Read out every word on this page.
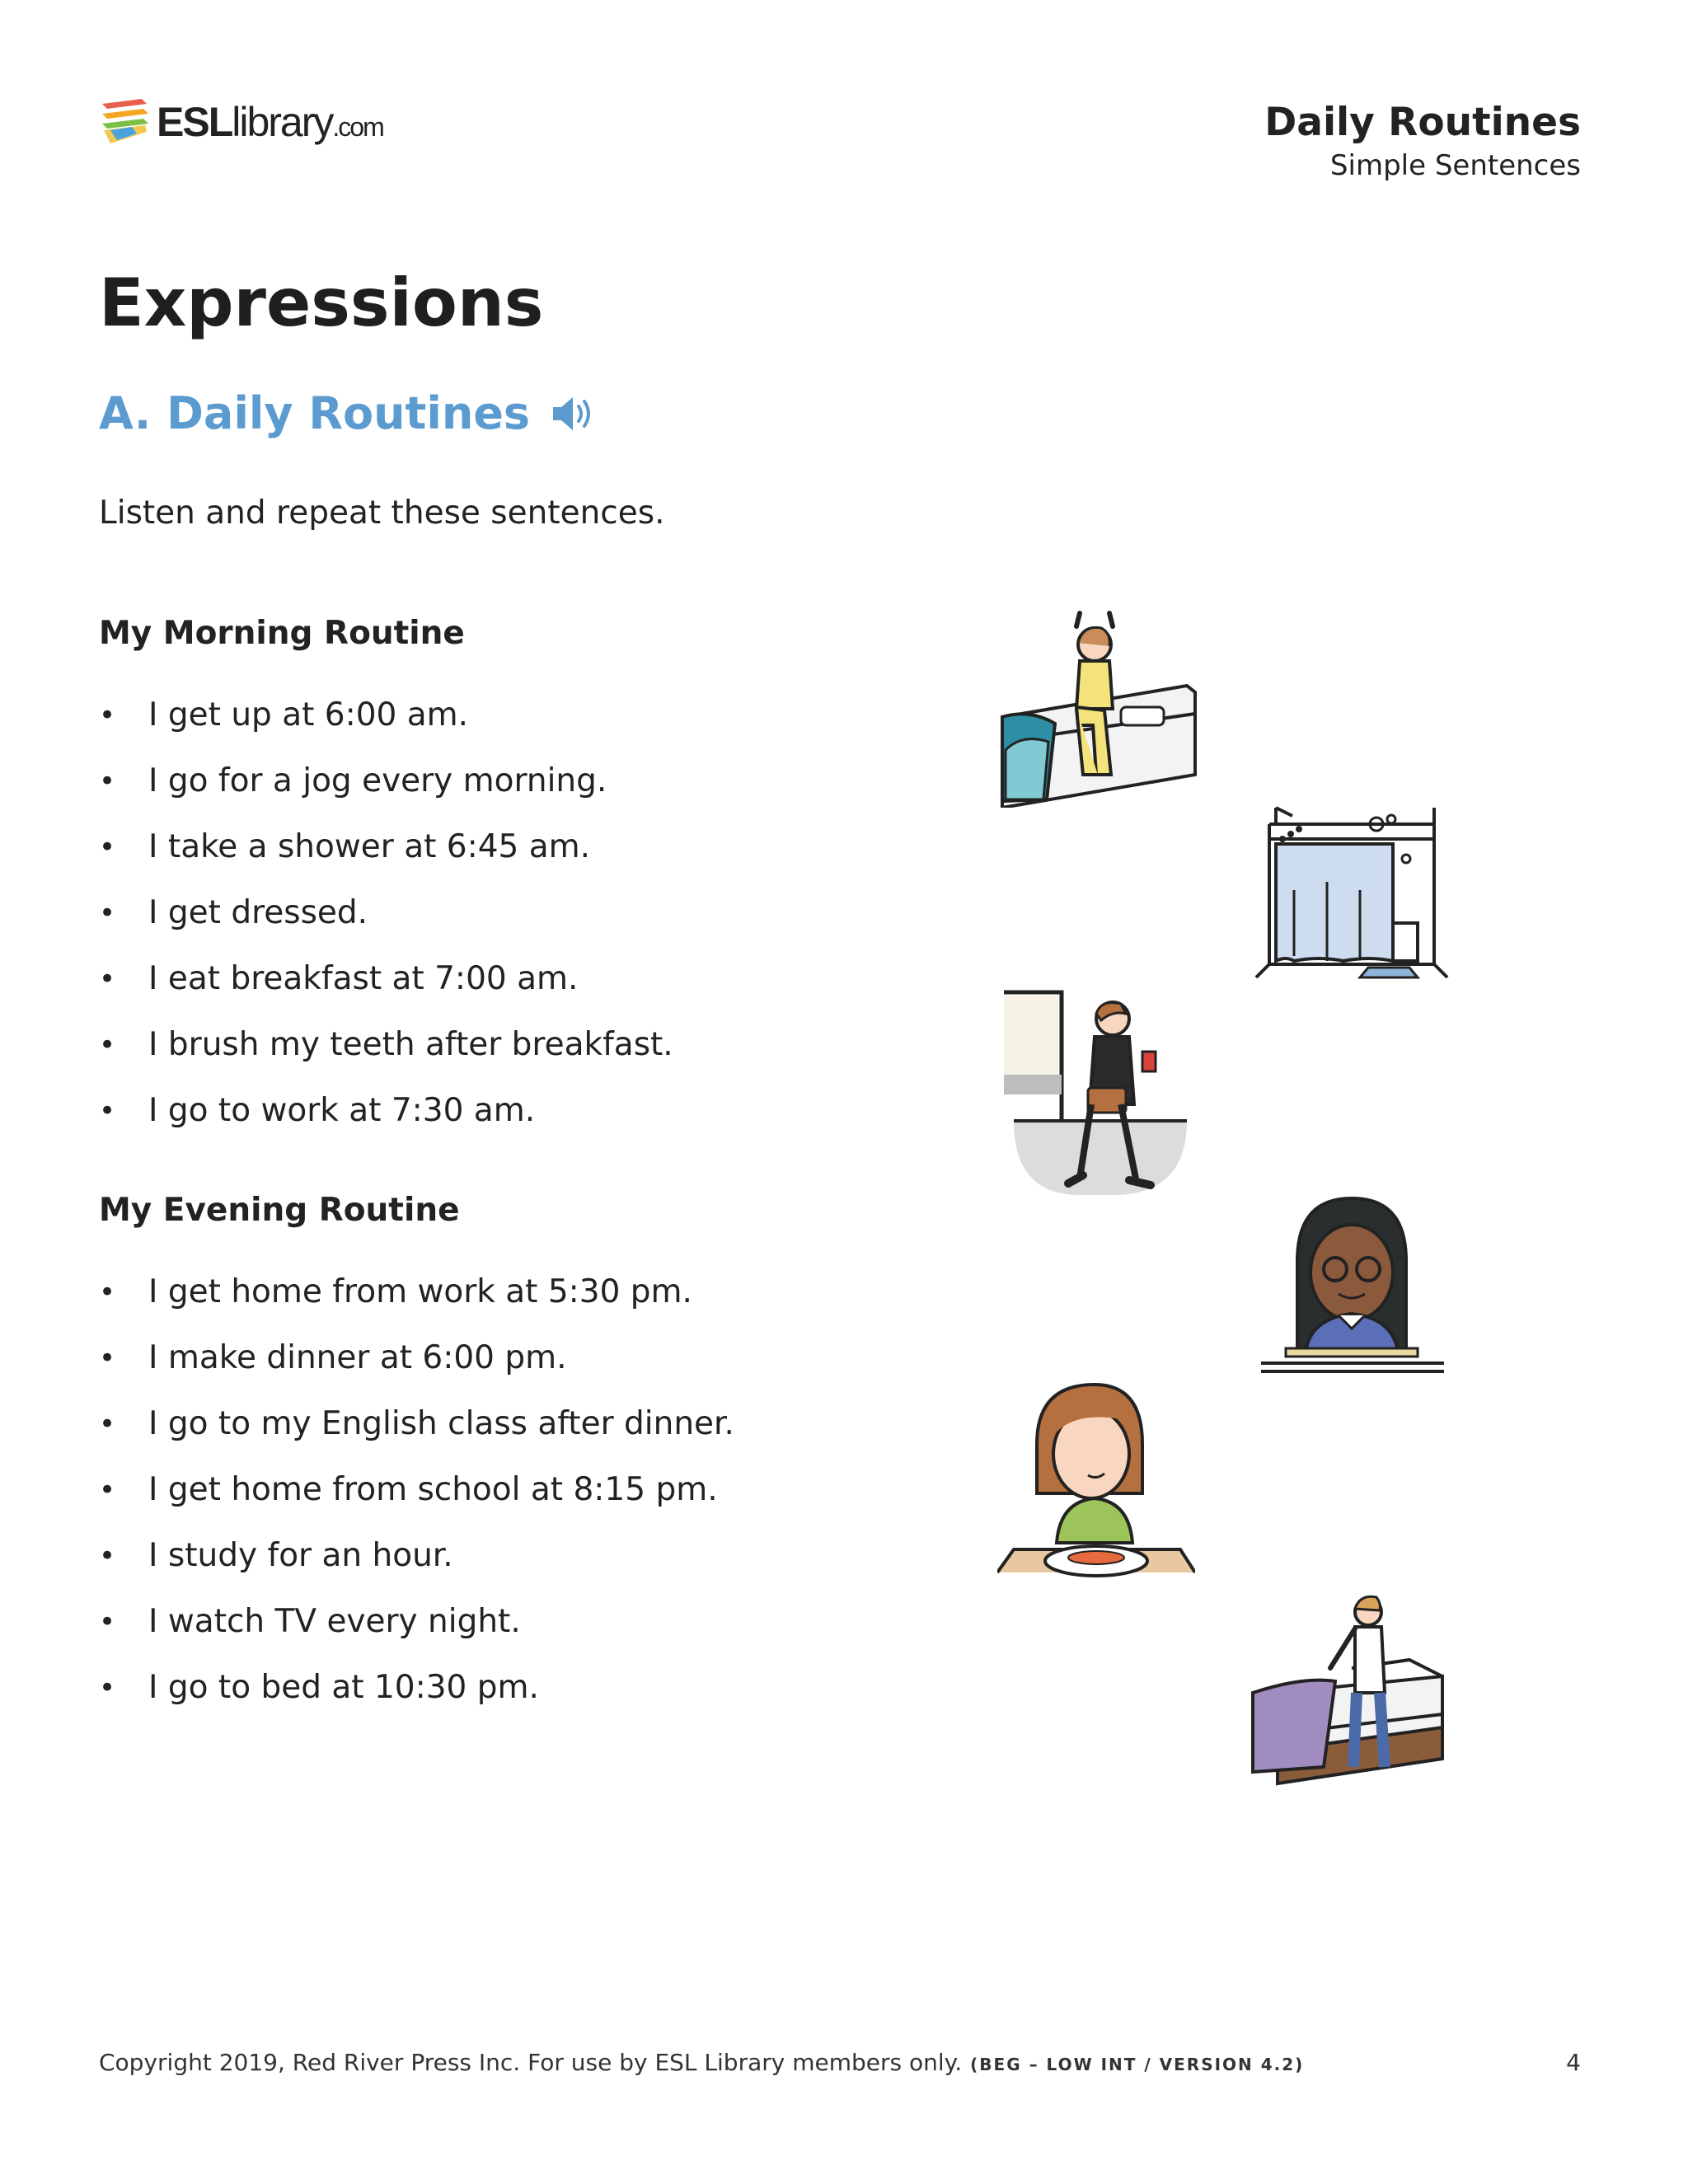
ESLlibrary.com	Daily Routines
Simple Sentences
Expressions
A. Daily Routines
Listen and repeat these sentences.
My Morning Routine
• I get up at 6:00 am.
• I go for a jog every morning.
• I take a shower at 6:45 am.
• I get dressed.
• I eat breakfast at 7:00 am.
• I brush my teeth after breakfast.
• I go to work at 7:30 am.
My Evening Routine
• I get home from work at 5:30 pm.
• I make dinner at 6:00 pm.
• I go to my English class after dinner.
• I get home from school at 8:15 pm.
• I study for an hour.
• I watch TV every night.
• I go to bed at 10:30 pm.
Copyright 2019, Red River Press Inc. For use by ESL Library members only. (BEG – LOW INT / VERSION 4.2)	4
